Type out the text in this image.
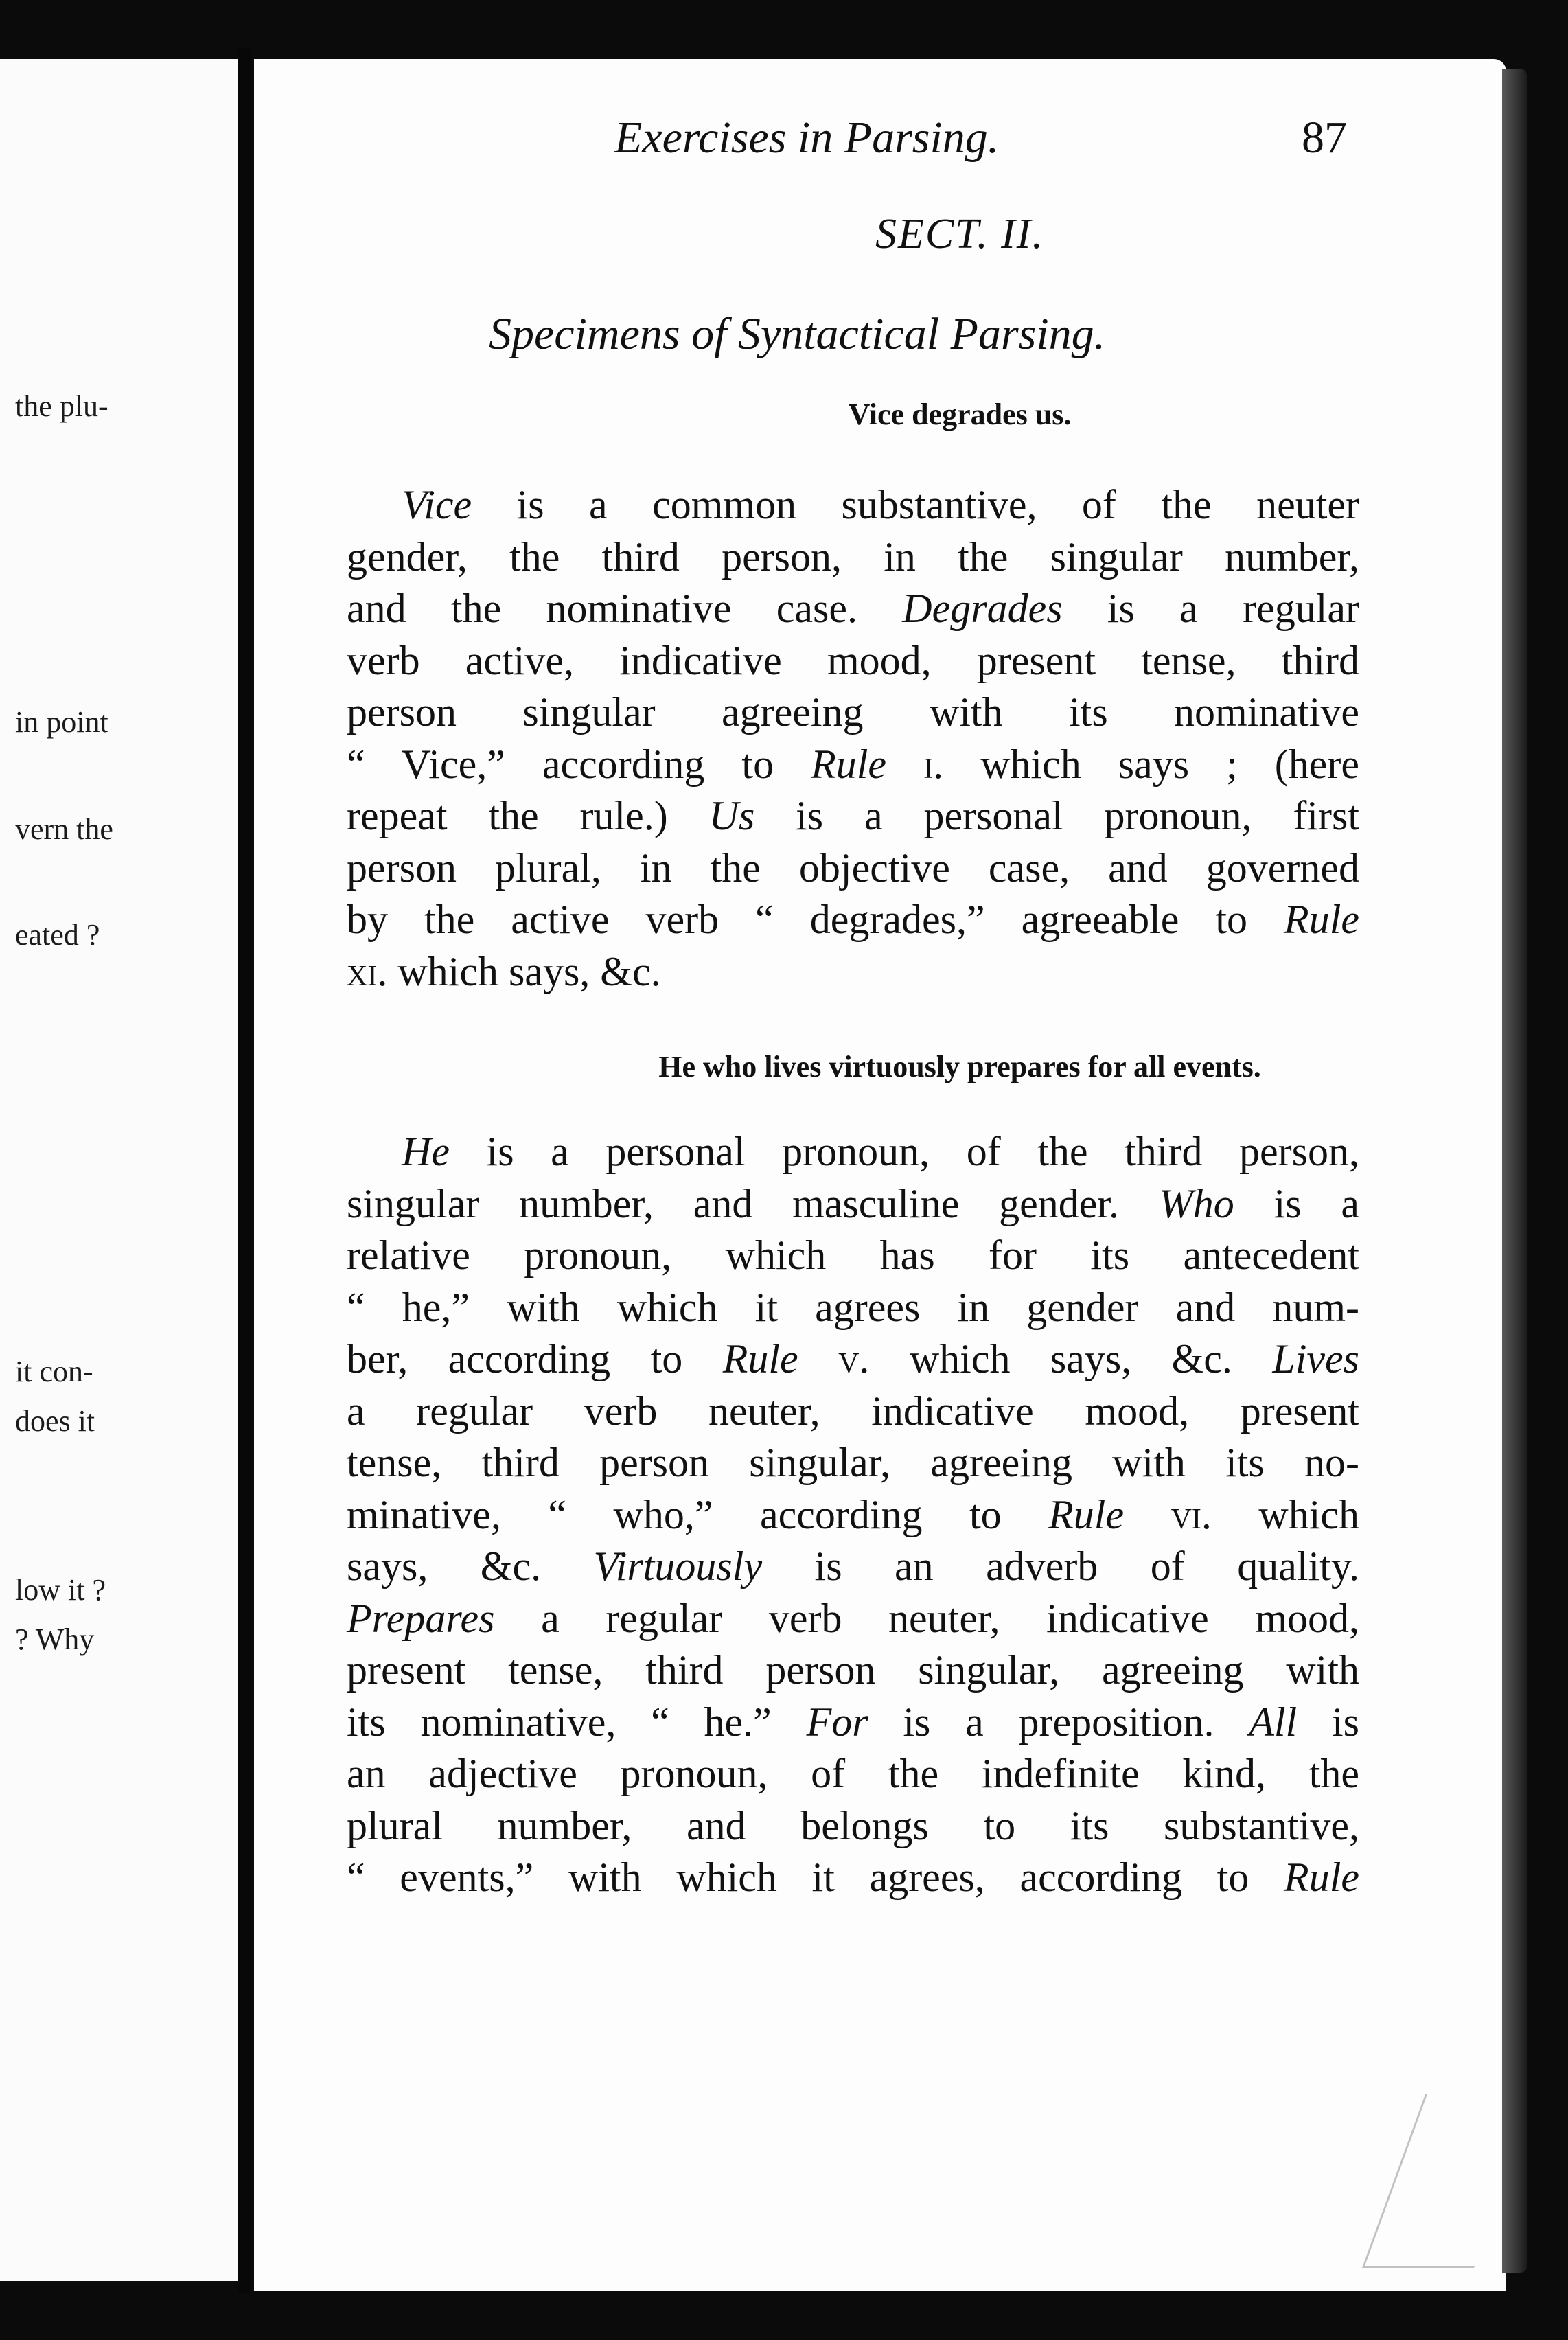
the plu-
in point
vern the
eated ?
it con-
does it
low it ?
? Why
Exercises in Parsing.	87
SECT. II.
Specimens of Syntactical Parsing.
Vice degrades us.
Vice is a common substantive, of the neuter
gender, the third person, in the singular number,
and the nominative case. Degrades is a regular
verb active, indicative mood, present tense, third
person singular agreeing with its nominative
“ Vice,” according to Rule i. which says ; (here
repeat the rule.) Us is a personal pronoun, first
person plural, in the objective case, and governed
by the active verb “ degrades,” agreeable to Rule
xi. which says, &c.
He who lives virtuously prepares for all events.
He is a personal pronoun, of the third person,
singular number, and masculine gender. Who is a
relative pronoun, which has for its antecedent
“ he,” with which it agrees in gender and num-
ber, according to Rule v. which says, &c. Lives
a regular verb neuter, indicative mood, present
tense, third person singular, agreeing with its no-
minative, “ who,” according to Rule vi. which
says, &c. Virtuously is an adverb of quality.
Prepares a regular verb neuter, indicative mood,
present tense, third person singular, agreeing with
its nominative, “ he.” For is a preposition. All is
an adjective pronoun, of the indefinite kind, the
plural number, and belongs to its substantive,
“ events,” with which it agrees, according to Rule
